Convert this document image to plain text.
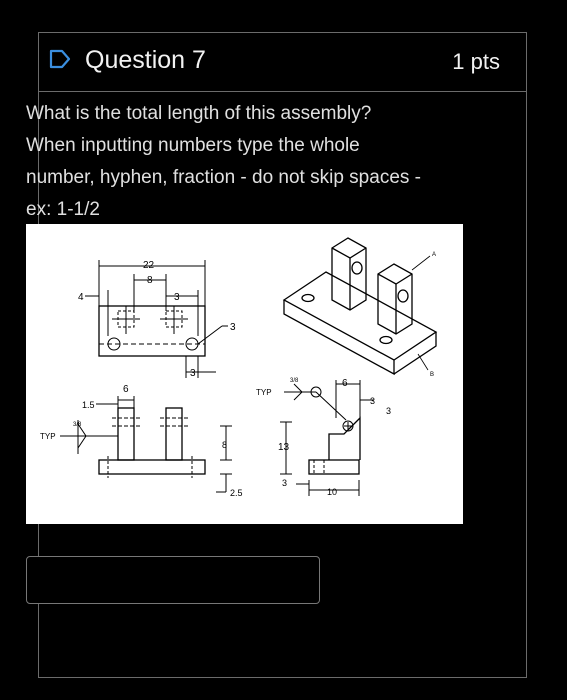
Question 7	1 pts
What is the total length of this assembly?
When inputting numbers type the whole
number, hyphen, fraction - do not skip spaces -
ex: 1-1/2
22
8
3
4
3
3
6
1.5
8
2.5
TYP
3/8
6
3
3
13
3
10
TYP
3/8
A
B
